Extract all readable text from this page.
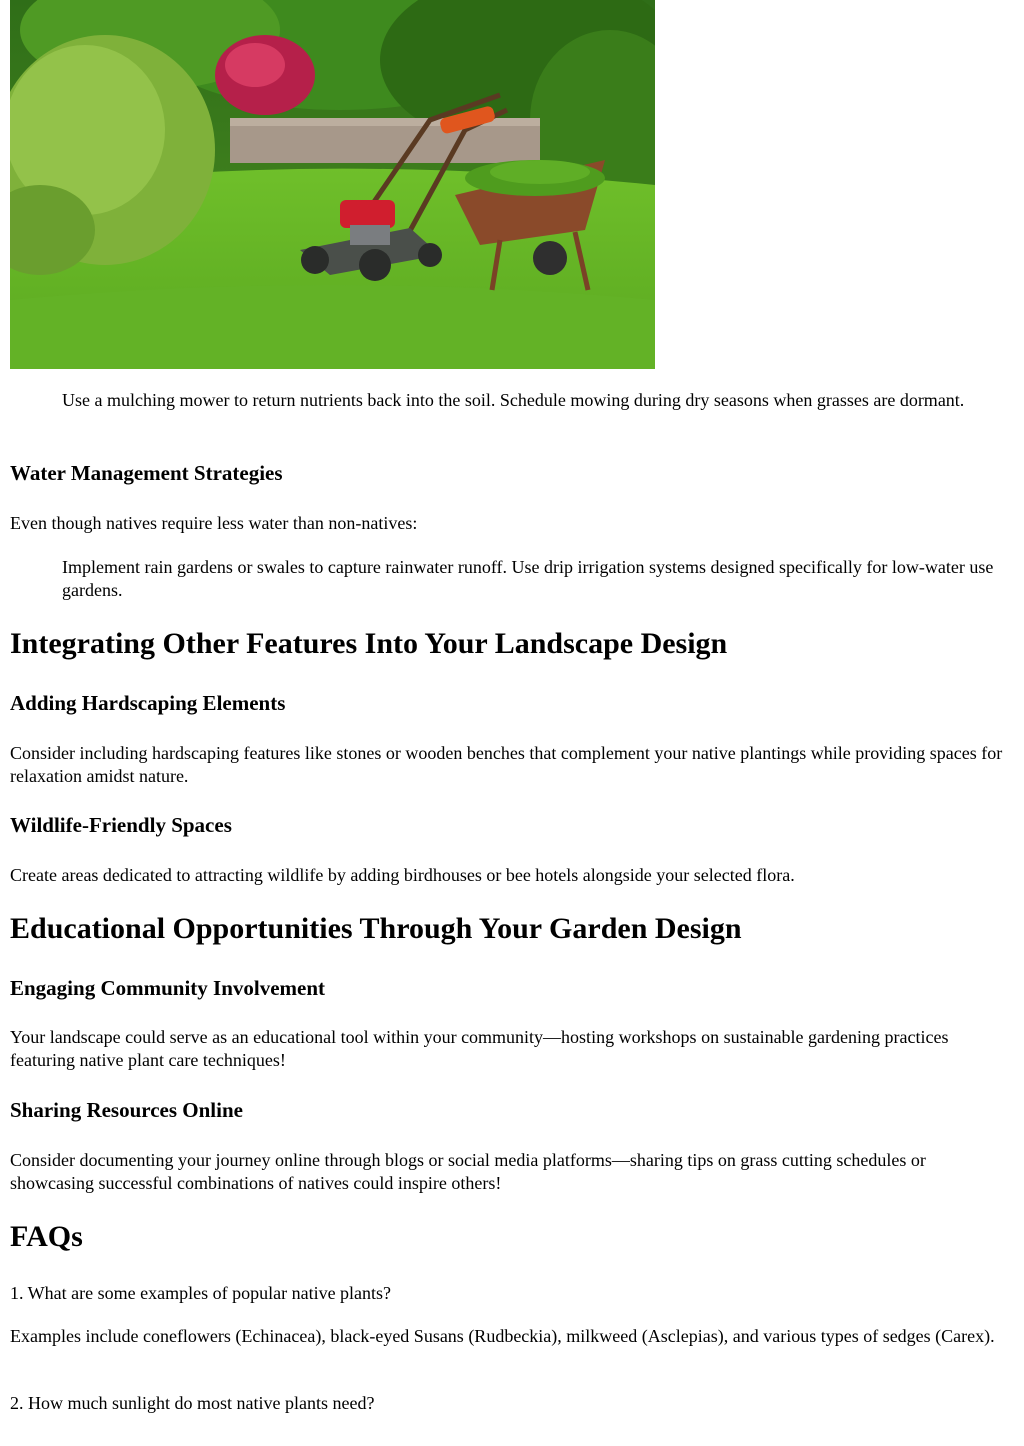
Use a mulching mower to return nutrients back into the soil. Schedule mowing during dry seasons when grasses are dormant.

Water Management Strategies

Even though natives require less water than non-natives:

Implement rain gardens or swales to capture rainwater runoff. Use drip irrigation systems designed specifically for low-water use gardens.

Integrating Other Features Into Your Landscape Design
Adding Hardscaping Elements

Consider including hardscaping features like stones or wooden benches that complement your native plantings while providing spaces for relaxation amidst nature.

Wildlife-Friendly Spaces

Create areas dedicated to attracting wildlife by adding birdhouses or bee hotels alongside your selected flora.

Educational Opportunities Through Your Garden Design
Engaging Community Involvement

Your landscape could serve as an educational tool within your community—hosting workshops on sustainable gardening practices featuring native plant care techniques!

Sharing Resources Online

Consider documenting your journey online through blogs or social media platforms—sharing tips on grass cutting schedules or showcasing successful combinations of natives could inspire others!

FAQs

1. What are some examples of popular native plants?

Examples include coneflowers (Echinacea), black-eyed Susans (Rudbeckia), milkweed (Asclepias), and various types of sedges (Carex).

2. How much sunlight do most native plants need?
